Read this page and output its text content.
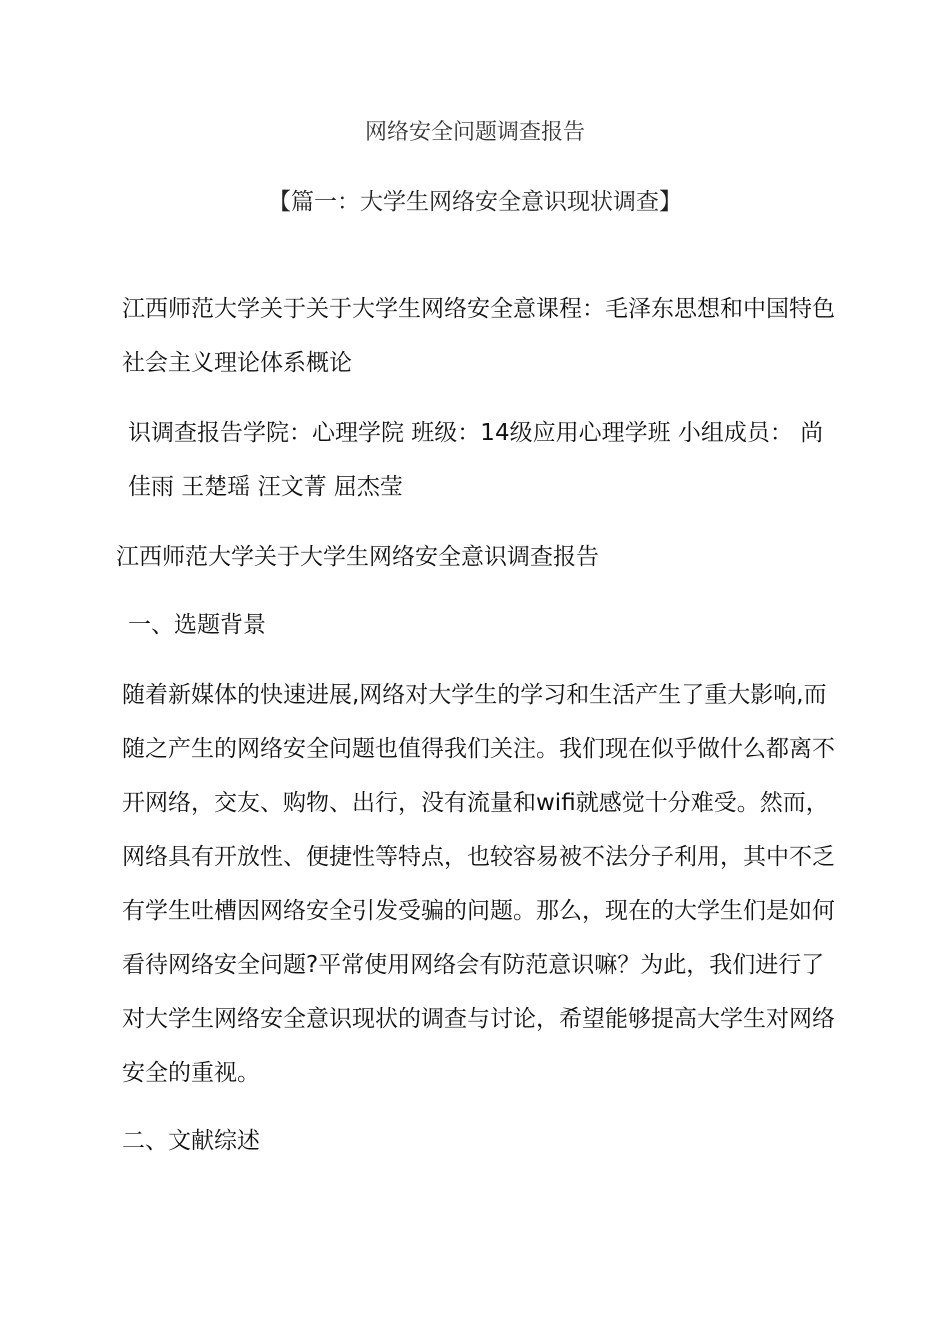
网络安全问题调查报告
【篇一：大学生网络安全意识现状调查】

江西师范大学关于关于大学生网络安全意课程：毛泽东思想和中国特色社会主义理论体系概论

识调查报告学院：心理学院 班级：14级应用心理学班 小组成员： 尚佳雨 王楚瑶 汪文菁 屈杰莹

江西师范大学关于大学生网络安全意识调查报告

一、选题背景

随着新媒体的快速进展,网络对大学生的学习和生活产生了重大影响,而随之产生的网络安全问题也值得我们关注。我们现在似乎做什么都离不开网络，交友、购物、出行，没有流量和wifi就感觉十分难受。然而，网络具有开放性、便捷性等特点，也较容易被不法分子利用，其中不乏有学生吐槽因网络安全引发受骗的问题。那么，现在的大学生们是如何看待网络安全问题?平常使用网络会有防范意识嘛？为此，我们进行了对大学生网络安全意识现状的调查与讨论，希望能够提高大学生对网络安全的重视。

二、文献综述
